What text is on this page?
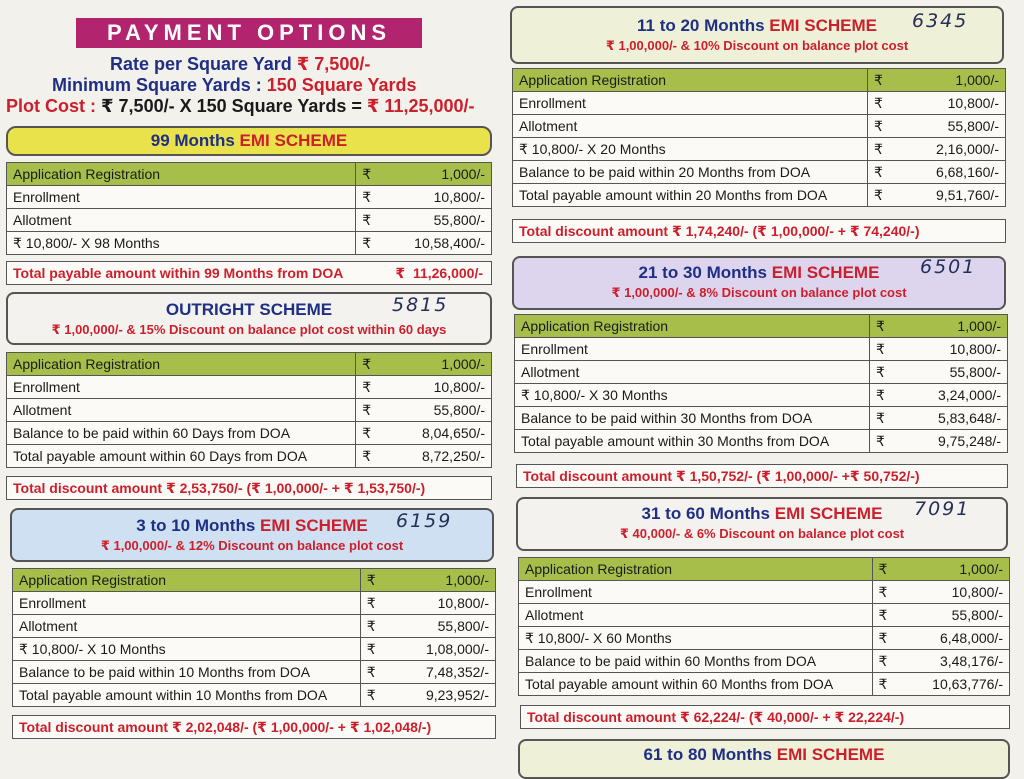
PAYMENT OPTIONS
Rate per Square Yard ₹ 7,500/-
Minimum Square Yards : 150 Square Yards
Plot Cost : ₹ 7,500/- X 150 Square Yards = ₹ 11,25,000/-
99 Months EMI SCHEME
Application Registration	₹	1,000/-
Enrollment	₹	10,800/-
Allotment	₹	55,800/-
₹ 10,800/- X 98 Months	₹	10,58,400/-
Total payable amount within 99 Months from DOA	₹ 11,26,000/-
OUTRIGHT SCHEME
₹ 1,00,000/- & 15% Discount on balance plot cost within 60 days
5815
Application Registration	₹	1,000/-
Enrollment	₹	10,800/-
Allotment	₹	55,800/-
Balance to be paid within 60 Days from DOA	₹	8,04,650/-
Total payable amount within 60 Days from DOA	₹	8,72,250/-
Total discount amount ₹ 2,53,750/- (₹ 1,00,000/- + ₹ 1,53,750/-)
3 to 10 Months EMI SCHEME
₹ 1,00,000/- & 12% Discount on balance plot cost
6159
Application Registration	₹	1,000/-
Enrollment	₹	10,800/-
Allotment	₹	55,800/-
₹ 10,800/- X 10 Months	₹	1,08,000/-
Balance to be paid within 10 Months from DOA	₹	7,48,352/-
Total payable amount within 10 Months from DOA	₹	9,23,952/-
Total discount amount ₹ 2,02,048/- (₹ 1,00,000/- + ₹ 1,02,048/-)
11 to 20 Months EMI SCHEME
₹ 1,00,000/- & 10% Discount on balance plot cost
6345
Application Registration	₹	1,000/-
Enrollment	₹	10,800/-
Allotment	₹	55,800/-
₹ 10,800/- X 20 Months	₹	2,16,000/-
Balance to be paid within 20 Months from DOA	₹	6,68,160/-
Total payable amount within 20 Months from DOA	₹	9,51,760/-
Total discount amount ₹ 1,74,240/- (₹ 1,00,000/- + ₹ 74,240/-)
21 to 30 Months EMI SCHEME
₹ 1,00,000/- & 8% Discount on balance plot cost
6501
Application Registration	₹	1,000/-
Enrollment	₹	10,800/-
Allotment	₹	55,800/-
₹ 10,800/- X 30 Months	₹	3,24,000/-
Balance to be paid within 30 Months from DOA	₹	5,83,648/-
Total payable amount within 30 Months from DOA	₹	9,75,248/-
Total discount amount ₹ 1,50,752/- (₹ 1,00,000/- +₹ 50,752/-)
31 to 60 Months EMI SCHEME
₹ 40,000/- & 6% Discount on balance plot cost
7091
Application Registration	₹	1,000/-
Enrollment	₹	10,800/-
Allotment	₹	55,800/-
₹ 10,800/- X 60 Months	₹	6,48,000/-
Balance to be paid within 60 Months from DOA	₹	3,48,176/-
Total payable amount within 60 Months from DOA	₹	10,63,776/-
Total discount amount ₹ 62,224/- (₹ 40,000/- + ₹ 22,224/-)
61 to 80 Months EMI SCHEME
